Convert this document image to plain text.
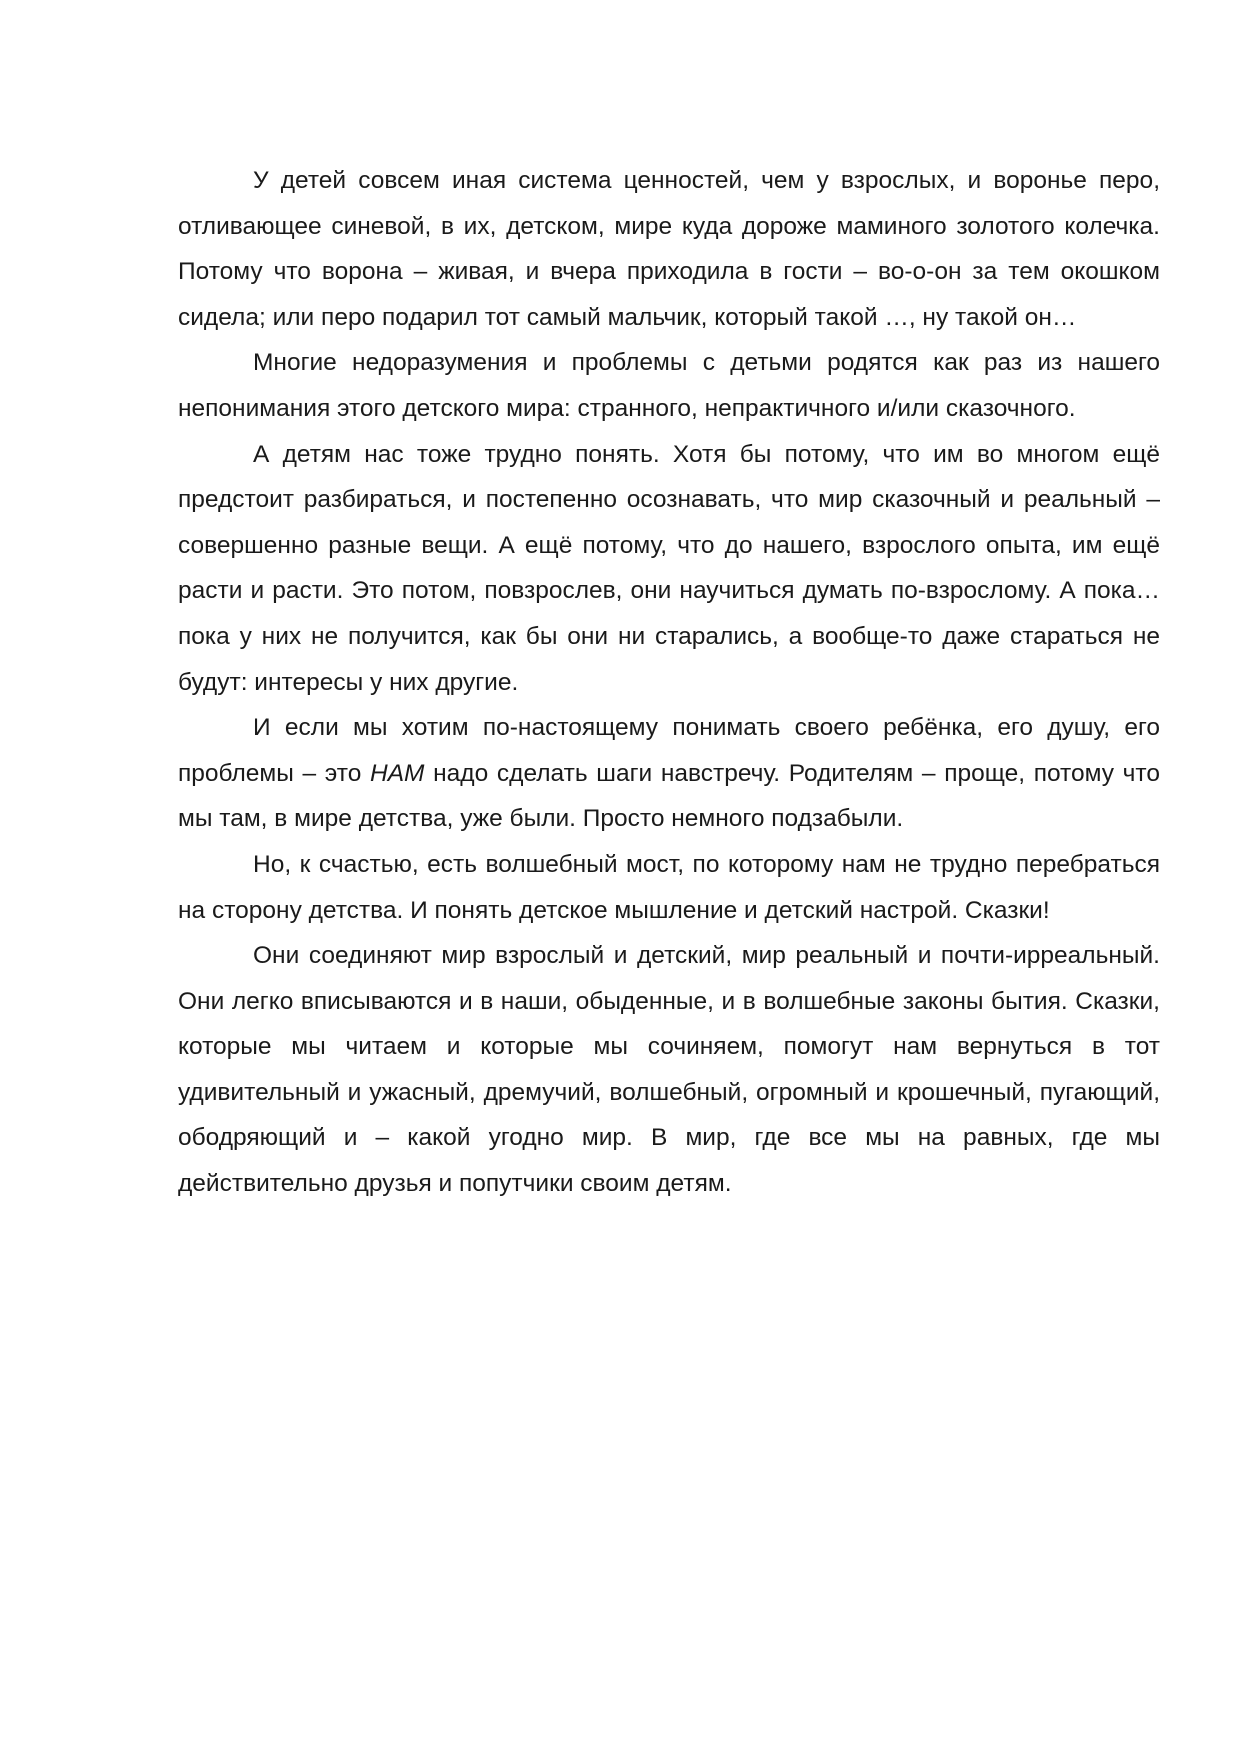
У детей совсем иная система ценностей, чем у взрослых, и воронье перо, отливающее синевой, в их, детском, мире куда дороже маминого золотого колечка. Потому что ворона – живая, и вчера приходила в гости – во-о-он за тем окошком сидела; или перо подарил тот самый мальчик, который такой …, ну такой он…

Многие недоразумения и проблемы с детьми родятся как раз из нашего непонимания этого детского мира: странного, непрактичного и/или сказочного.

А детям нас тоже трудно понять. Хотя бы потому, что им во многом ещё предстоит разбираться, и постепенно осознавать, что мир сказочный и реальный – совершенно разные вещи. А ещё потому, что до нашего, взрослого опыта, им ещё расти и расти. Это потом, повзрослев, они научиться думать по-взрослому. А пока…пока у них не получится, как бы они ни старались, а вообще-то даже стараться не будут: интересы у них другие.

И если мы хотим по-настоящему понимать своего ребёнка, его душу, его проблемы – это НАМ надо сделать шаги навстречу. Родителям – проще, потому что мы там, в мире детства, уже были. Просто немного подзабыли.

Но, к счастью, есть волшебный мост, по которому нам не трудно перебраться на сторону детства. И понять детское мышление и детский настрой. Сказки!

Они соединяют мир взрослый и детский, мир реальный и почти-ирреальный. Они легко вписываются и в наши, обыденные, и в волшебные законы бытия. Сказки, которые мы читаем и которые мы сочиняем, помогут нам вернуться в тот удивительный и ужасный, дремучий, волшебный, огромный и крошечный, пугающий, ободряющий и – какой угодно мир. В мир, где все мы на равных, где мы действительно друзья и попутчики своим детям.
